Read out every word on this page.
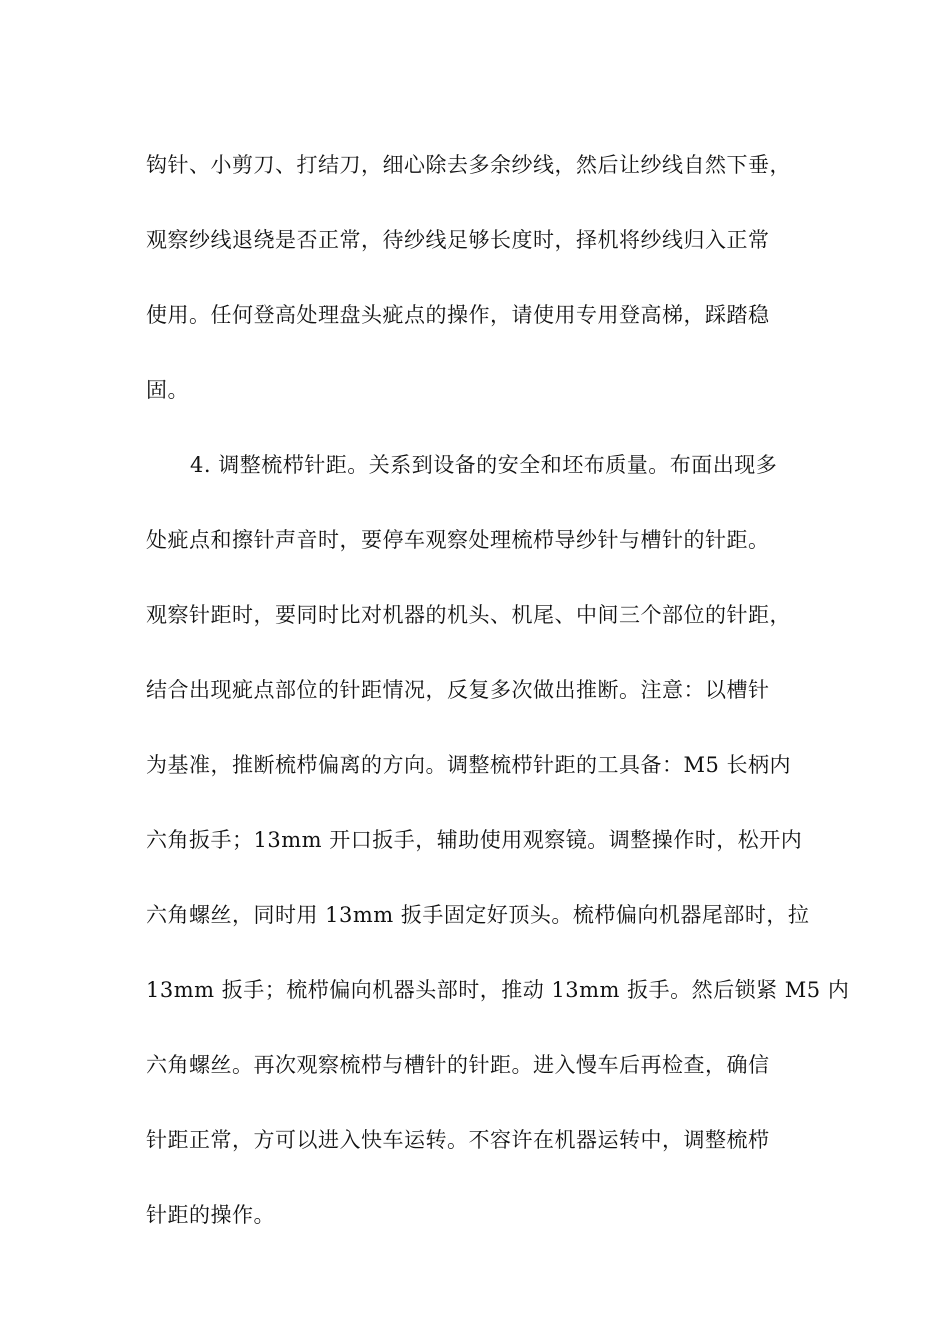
钩针、小剪刀、打结刀，细心除去多余纱线，然后让纱线自然下垂，
观察纱线退绕是否正常，待纱线足够长度时，择机将纱线归入正常
使用。任何登高处理盘头疵点的操作，请使用专用登高梯，踩踏稳
固。
4. 调整梳栉针距。关系到设备的安全和坯布质量。布面出现多
处疵点和擦针声音时，要停车观察处理梳栉导纱针与槽针的针距。
观察针距时，要同时比对机器的机头、机尾、中间三个部位的针距，
结合出现疵点部位的针距情况，反复多次做出推断。注意：以槽针
为基准，推断梳栉偏离的方向。调整梳栉针距的工具备：M5 长柄内
六角扳手；13mm 开口扳手，辅助使用观察镜。调整操作时，松开内
六角螺丝，同时用 13mm 扳手固定好顶头。梳栉偏向机器尾部时，拉
13mm 扳手；梳栉偏向机器头部时，推动 13mm 扳手。然后锁紧 M5 内
六角螺丝。再次观察梳栉与槽针的针距。进入慢车后再检查，确信
针距正常，方可以进入快车运转。不容许在机器运转中，调整梳栉
针距的操作。
